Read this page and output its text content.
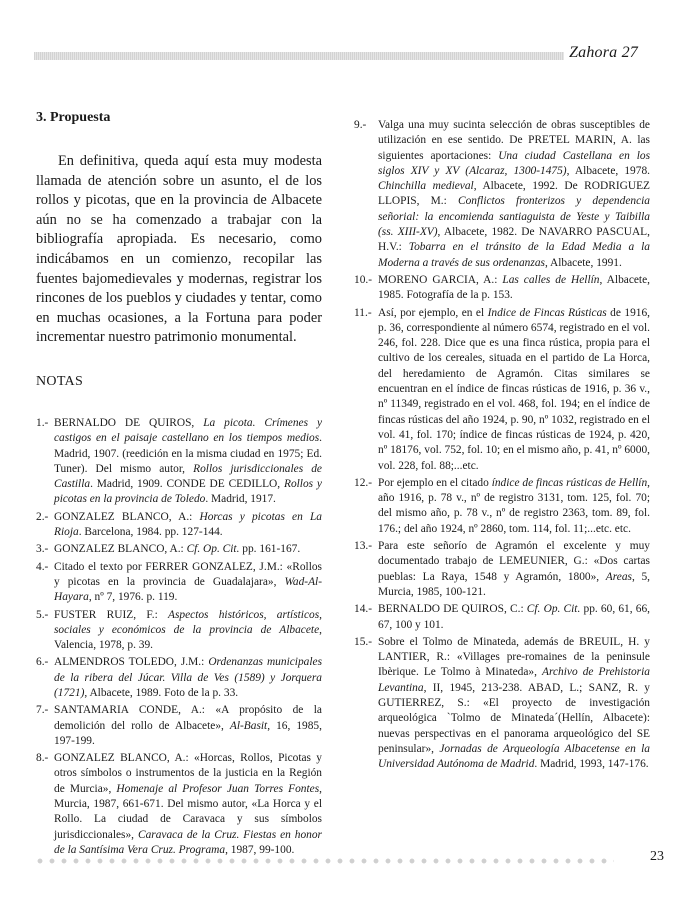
Zahora 27
3. Propuesta

En definitiva, queda aquí esta muy modesta llamada de atención sobre un asunto, el de los rollos y picotas, que en la provincia de Albacete aún no se ha comenzado a trabajar con la bibliografía apropiada. Es necesario, como indicábamos en un comienzo, recopilar las fuentes bajomedievales y modernas, registrar los rincones de los pueblos y ciudades y tentar, como en muchas ocasiones, a la Fortuna para poder incrementar nuestro patrimonio monumental.

NOTAS
1.- BERNALDO DE QUIROS, La picota. Crímenes y castigos en el paisaje castellano en los tiempos medios. Madrid, 1907. (reedición en la misma ciudad en 1975; Ed. Tuner). Del mismo autor, Rollos jurisdiccionales de Castilla. Madrid, 1909. CONDE DE CEDILLO, Rollos y picotas en la provincia de Toledo. Madrid, 1917.
2.- GONZALEZ BLANCO, A.: Horcas y picotas en La Rioja. Barcelona, 1984. pp. 127-144.
3.- GONZALEZ BLANCO, A.: Cf. Op. Cit. pp. 161-167.
4.- Citado el texto por FERRER GONZALEZ, J.M.: «Rollos y picotas en la provincia de Guadalajara», Wad-Al-Hayara, nº 7, 1976. p. 119.
5.- FUSTER RUIZ, F.: Aspectos históricos, artísticos, sociales y económicos de la provincia de Albacete, Valencia, 1978, p. 39.
6.- ALMENDROS TOLEDO, J.M.: Ordenanzas municipales de la ribera del Júcar. Villa de Ves (1589) y Jorquera (1721), Albacete, 1989. Foto de la p. 33.
7.- SANTAMARIA CONDE, A.: «A propósito de la demolición del rollo de Albacete», Al-Basit, 16, 1985, 197-199.
8.- GONZALEZ BLANCO, A.: «Horcas, Rollos, Picotas y otros símbolos o instrumentos de la justicia en la Región de Murcia», Homenaje al Profesor Juan Torres Fontes, Murcia, 1987, 661-671. Del mismo autor, «La Horca y el Rollo. La ciudad de Caravaca y sus símbolos jurisdiccionales», Caravaca de la Cruz. Fiestas en honor de la Santísima Vera Cruz. Programa, 1987, 99-100.
9.- Valga una muy sucinta selección de obras susceptibles de utilización en ese sentido. De PRETEL MARIN, A. las siguientes aportaciones: Una ciudad Castellana en los siglos XIV y XV (Alcaraz, 1300-1475), Albacete, 1978. Chinchilla medieval, Albacete, 1992. De RODRIGUEZ LLOPIS, M.: Conflictos fronterizos y dependencia señorial: la encomienda santiaguista de Yeste y Taibilla (ss. XIII-XV), Albacete, 1982. De NAVARRO PASCUAL, H.V.: Tobarra en el tránsito de la Edad Media a la Moderna a través de sus ordenanzas, Albacete, 1991.
10.- MORENO GARCIA, A.: Las calles de Hellín, Albacete, 1985. Fotografía de la p. 153.
11.- Así, por ejemplo, en el Indice de Fincas Rústicas de 1916, p. 36, correspondiente al número 6574, registrado en el vol. 246, fol. 228. Dice que es una finca rústica, propia para el cultivo de los cereales, situada en el partido de La Horca, del heredamiento de Agramón. Citas similares se encuentran en el índice de fincas rústicas de 1916, p. 36 v., nº 11349, registrado en el vol. 468, fol. 194; en el índice de fincas rústicas del año 1924, p. 90, nº 1032, registrado en el vol. 41, fol. 170; índice de fincas rústicas de 1924, p. 420, nº 18176, vol. 752, fol. 10; en el mismo año, p. 41, nº 6000, vol. 228, fol. 88;...etc.
12.- Por ejemplo en el citado índice de fincas rústicas de Hellín, año 1916, p. 78 v., nº de registro 3131, tom. 125, fol. 70; del mismo año, p. 78 v., nº de registro 2363, tom. 89, fol. 176.; del año 1924, nº 2860, tom. 114, fol. 11;...etc. etc.
13.- Para este señorío de Agramón el excelente y muy documentado trabajo de LEMEUNIER, G.: «Dos cartas pueblas: La Raya, 1548 y Agramón, 1800», Areas, 5, Murcia, 1985, 100-121.
14.- BERNALDO DE QUIROS, C.: Cf. Op. Cit. pp. 60, 61, 66, 67, 100 y 101.
15.- Sobre el Tolmo de Minateda, además de BREUIL, H. y LANTIER, R.: «Villages pre-romaines de la peninsule Ibèrique. Le Tolmo à Minateda», Archivo de Prehistoria Levantina, II, 1945, 213-238. ABAD, L.; SANZ, R. y GUTIERREZ, S.: «El proyecto de investigación arqueológica `Tolmo de Minateda´(Hellín, Albacete): nuevas perspectivas en el panorama arqueológico del SE peninsular», Jornadas de Arqueología Albacetense en la Universidad Autónoma de Madrid. Madrid, 1993, 147-176.
23
